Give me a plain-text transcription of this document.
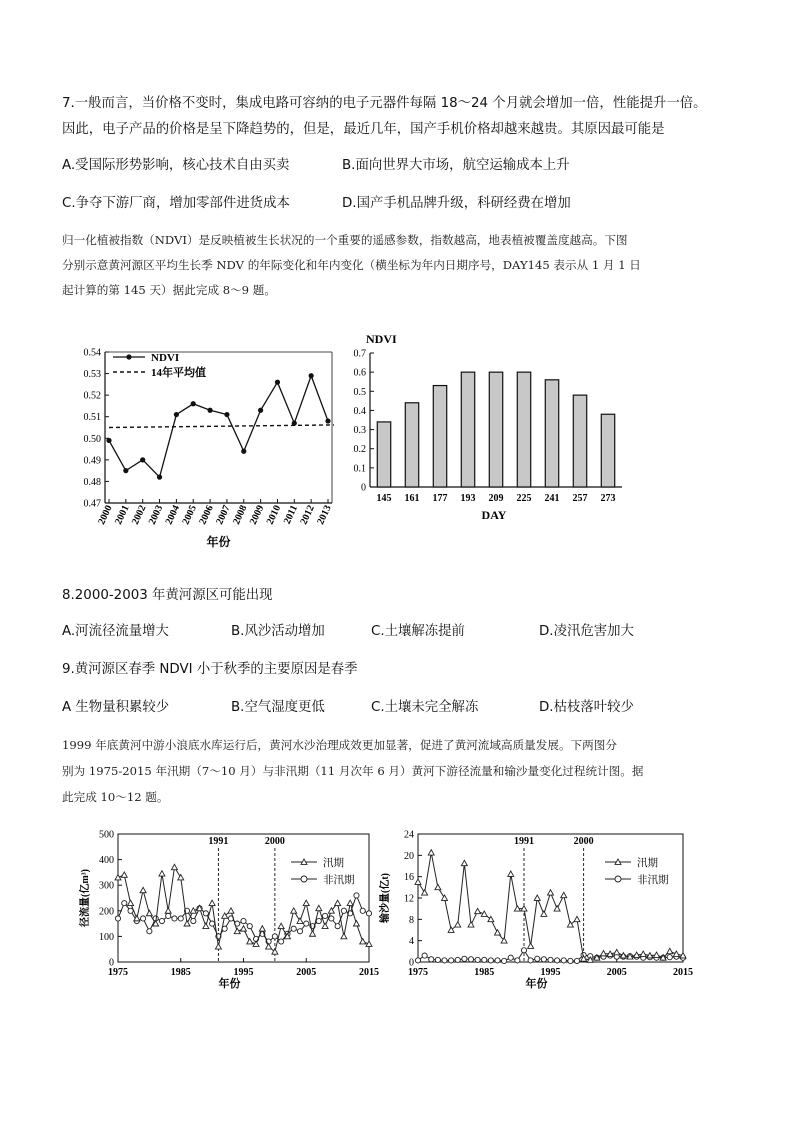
7.一般而言，当价格不变时，集成电路可容纳的电子元器件每隔 18～24 个月就会增加一倍，性能提升一倍。
因此，电子产品的价格是呈下降趋势的，但是，最近几年，国产手机价格却越来越贵。其原因最可能是
A.受国际形势影响，核心技术自由买卖	B.面向世界大市场，航空运输成本上升
C.争夺下游厂商，增加零部件进货成本	D.国产手机品牌升级，科研经费在增加
归一化植被指数（NDVI）是反映植被生长状况的一个重要的遥感参数，指数越高，地表植被覆盖度越高。下图
分别示意黄河源区平均生长季 NDV 的年际变化和年内变化（横坐标为年内日期序号，DAY145 表示从 1 月 1 日
起计算的第 145 天）据此完成 8～9 题。
0.47
0.48
0.49
0.50
0.51
0.52
0.53
0.54
2000
2001
2002
2003
2004
2005
2006
2007
2008
2009
2010
2011
2012
2013
年份
NDVI
14年平均值
NDVI
0
0.1
0.2
0.3
0.4
0.5
0.6
0.7
145 161 177 193 209 225 241 257 273
DAY
8.2000-2003 年黄河源区可能出现
A.河流径流量增大	B.风沙活动增加	C.土壤解冻提前	D.凌汛危害加大
9.黄河源区春季 NDVI 小于秋季的主要原因是春季
A 生物量积累较少	B.空气湿度更低	C.土壤未完全解冻	D.枯枝落叶较少
1999 年底黄河中游小浪底水库运行后，黄河水沙治理成效更加显著，促进了黄河流域高质量发展。下两图分
别为 1975-2015 年汛期（7～10 月）与非汛期（11 月次年 6 月）黄河下游径流量和输沙量变化过程统计图。据
此完成 10～12 题。
0
100
200
300
400
500
1975	1985	1995	2005	2015
年份
径流量(亿m³)
1991	2000
汛期
非汛期
0
4
8
12
16
20
24
1975	1985	1995	2005	2015
年份
输沙量(亿t)
1991	2000
汛期
非汛期
